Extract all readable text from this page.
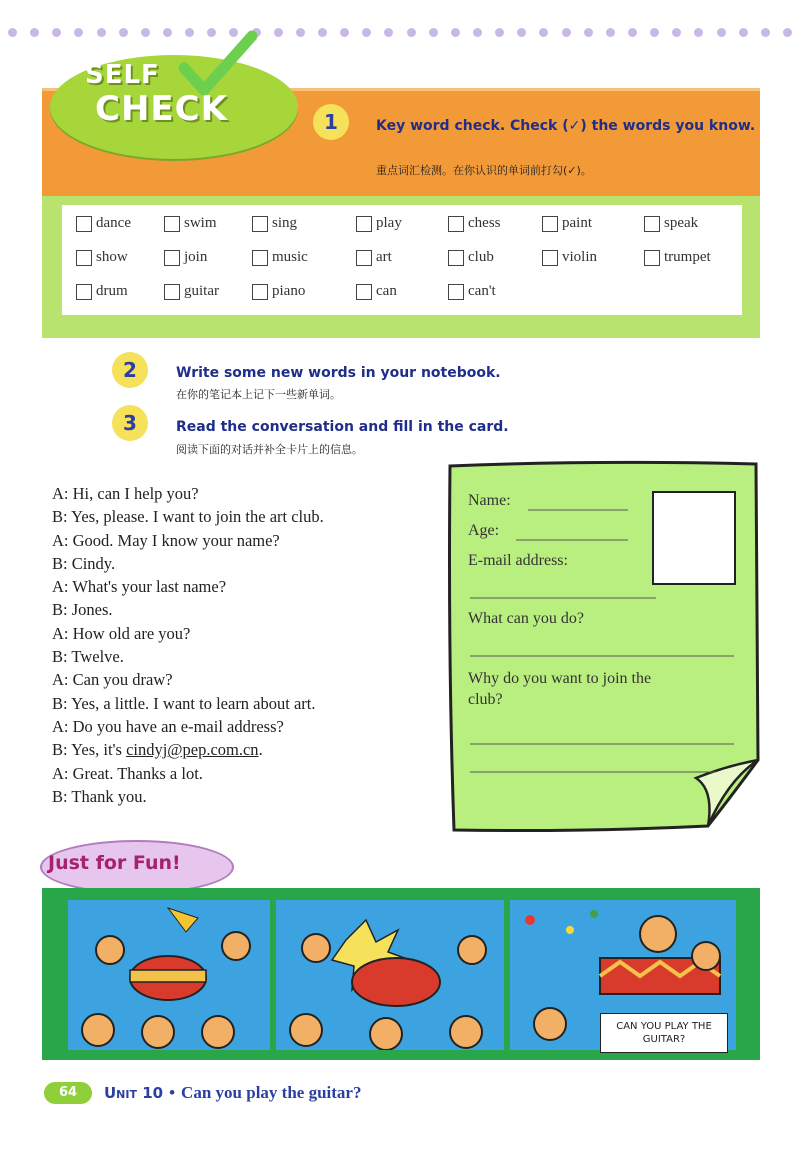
SELF
CHECK	1	Key word check. Check (✓) the words you know.
重点词汇检测。在你认识的单词前打勾(✓)。
dance	swim	sing	play	chess	paint	speak
show	join	music	art	club	violin	trumpet
drum	guitar	piano	can	can't
2	Write some new words in your notebook.
在你的笔记本上记下一些新单词。
3	Read the conversation and fill in the card.
阅读下面的对话并补全卡片上的信息。
A: Hi, can I help you?
B: Yes, please. I want to join the art club.
A: Good. May I know your name?
B: Cindy.
A: What's your last name?
B: Jones.
A: How old are you?
B: Twelve.
A: Can you draw?
B: Yes, a little. I want to learn about art.
A: Do you have an e-mail address?
B: Yes, it's cindyj@pep.com.cn.
A: Great. Thanks a lot.
B: Thank you.
Name:
Age:
E-mail address:
What can you do?
Why do you want to join the
club?
Just for Fun!
CAN YOU PLAY THE GUITAR?
64	Unit 10 • Can you play the guitar?
